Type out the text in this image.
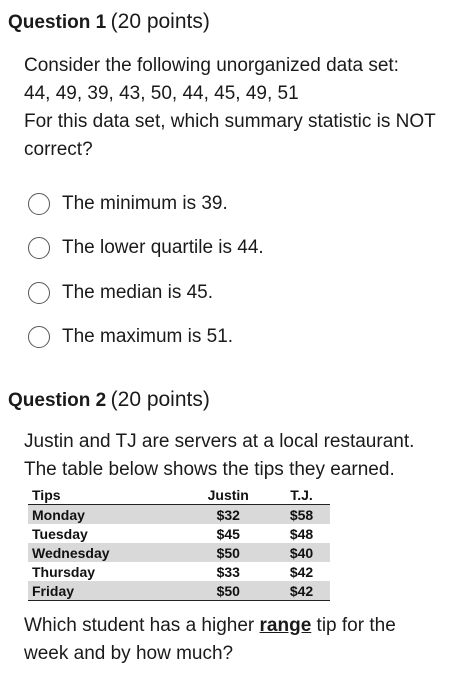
Question 1 (20 points)
Consider the following unorganized data set:
44, 49, 39, 43, 50, 44, 45, 49, 51
For this data set, which summary statistic is NOT
correct?
The minimum is 39.
The lower quartile is 44.
The median is 45.
The maximum is 51.
Question 2 (20 points)
Justin and TJ are servers at a local restaurant.
The table below shows the tips they earned.
Tips	Justin	T.J.
Monday	$32	$58
Tuesday	$45	$48
Wednesday	$50	$40
Thursday	$33	$42
Friday	$50	$42
Which student has a higher range tip for the
week and by how much?
